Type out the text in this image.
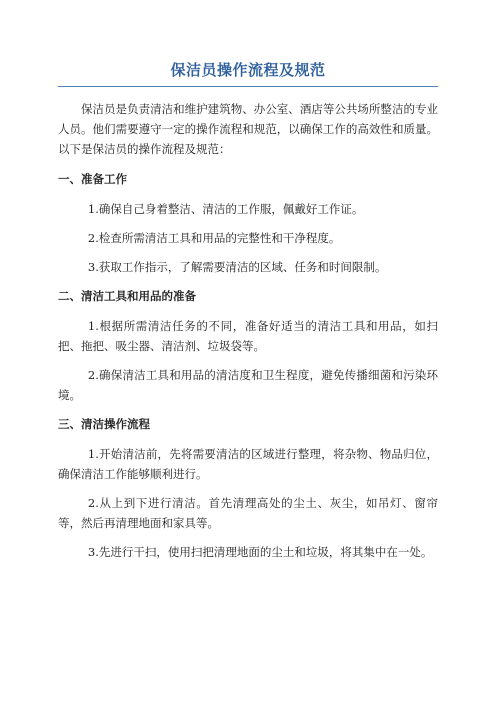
保洁员操作流程及规范

保洁员是负责清洁和维护建筑物、办公室、酒店等公共场所整洁的专业人员。他们需要遵守一定的操作流程和规范，以确保工作的高效性和质量。以下是保洁员的操作流程及规范：

一、准备工作

1.确保自己身着整洁、清洁的工作服，佩戴好工作证。

2.检查所需清洁工具和用品的完整性和干净程度。

3.获取工作指示，了解需要清洁的区域、任务和时间限制。

二、清洁工具和用品的准备

1.根据所需清洁任务的不同，准备好适当的清洁工具和用品，如扫把、拖把、吸尘器、清洁剂、垃圾袋等。

2.确保清洁工具和用品的清洁度和卫生程度，避免传播细菌和污染环境。

三、清洁操作流程

1.开始清洁前，先将需要清洁的区域进行整理，将杂物、物品归位，确保清洁工作能够顺利进行。

2.从上到下进行清洁。首先清理高处的尘土、灰尘，如吊灯、窗帘等，然后再清理地面和家具等。

3.先进行干扫，使用扫把清理地面的尘土和垃圾，将其集中在一处。
